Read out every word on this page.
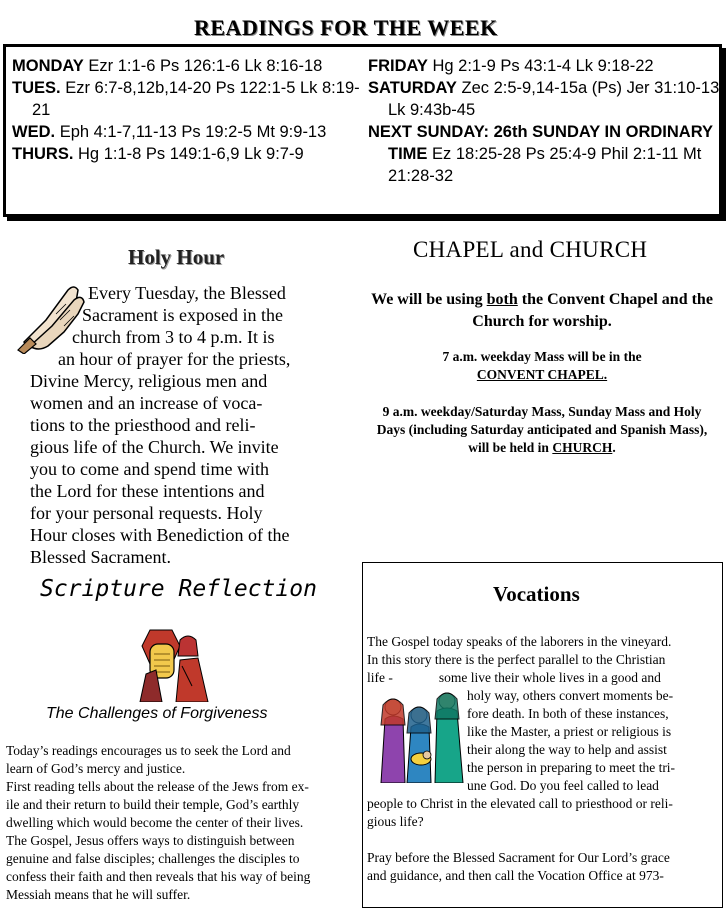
READINGS FOR THE WEEK
MONDAY Ezr 1:1-6 Ps 126:1-6 Lk 8:16-18
TUES. Ezr 6:7-8,12b,14-20 Ps 122:1-5 Lk 8:19-21
WED. Eph 4:1-7,11-13 Ps 19:2-5 Mt 9:9-13
THURS. Hg 1:1-8 Ps 149:1-6,9 Lk 9:7-9
FRIDAY Hg 2:1-9 Ps 43:1-4 Lk 9:18-22
SATURDAY Zec 2:5-9,14-15a (Ps) Jer 31:10-13 Lk 9:43b-45
NEXT SUNDAY: 26th SUNDAY IN ORDINARY TIME Ez 18:25-28 Ps 25:4-9 Phil 2:1-11 Mt 21:28-32
Holy Hour
Every Tuesday, the Blessed
Sacrament is exposed in the
church from 3 to 4 p.m. It is
an hour of prayer for the priests,
Divine Mercy, religious men and
women and an increase of voca-
tions to the priesthood and reli-
gious life of the Church. We invite
you to come and spend time with
the Lord for these intentions and
for your personal requests. Holy
Hour closes with Benediction of the
Blessed Sacrament.
CHAPEL and CHURCH
We will be using both the Convent Chapel and the Church for worship.
7 a.m. weekday Mass will be in the
CONVENT CHAPEL.
9 a.m. weekday/Saturday Mass, Sunday Mass and Holy Days (including Saturday anticipated and Spanish Mass), will be held in CHURCH.
Scripture Reflection
The Challenges of Forgiveness
Today’s readings encourages us to seek the Lord and
learn of God’s mercy and justice.
First reading tells about the release of the Jews from ex-
ile and their return to build their temple, God’s earthly
dwelling which would become the center of their lives.
The Gospel, Jesus offers ways to distinguish between
genuine and false disciples; challenges the disciples to
confess their faith and then reveals that his way of being
Messiah means that he will suffer.
Vocations
The Gospel today speaks of the laborers in the vineyard.
In this story there is the perfect parallel to the Christian
life -	some live their whole lives in a good and
holy way, others convert moments be-
fore death. In both of these instances,
like the Master, a priest or religious is
their along the way to help and assist
the person in preparing to meet the tri-
une God. Do you feel called to lead
people to Christ in the elevated call to priesthood or reli-
gious life?
Pray before the Blessed Sacrament for Our Lord’s grace
and guidance, and then call the Vocation Office at 973-
